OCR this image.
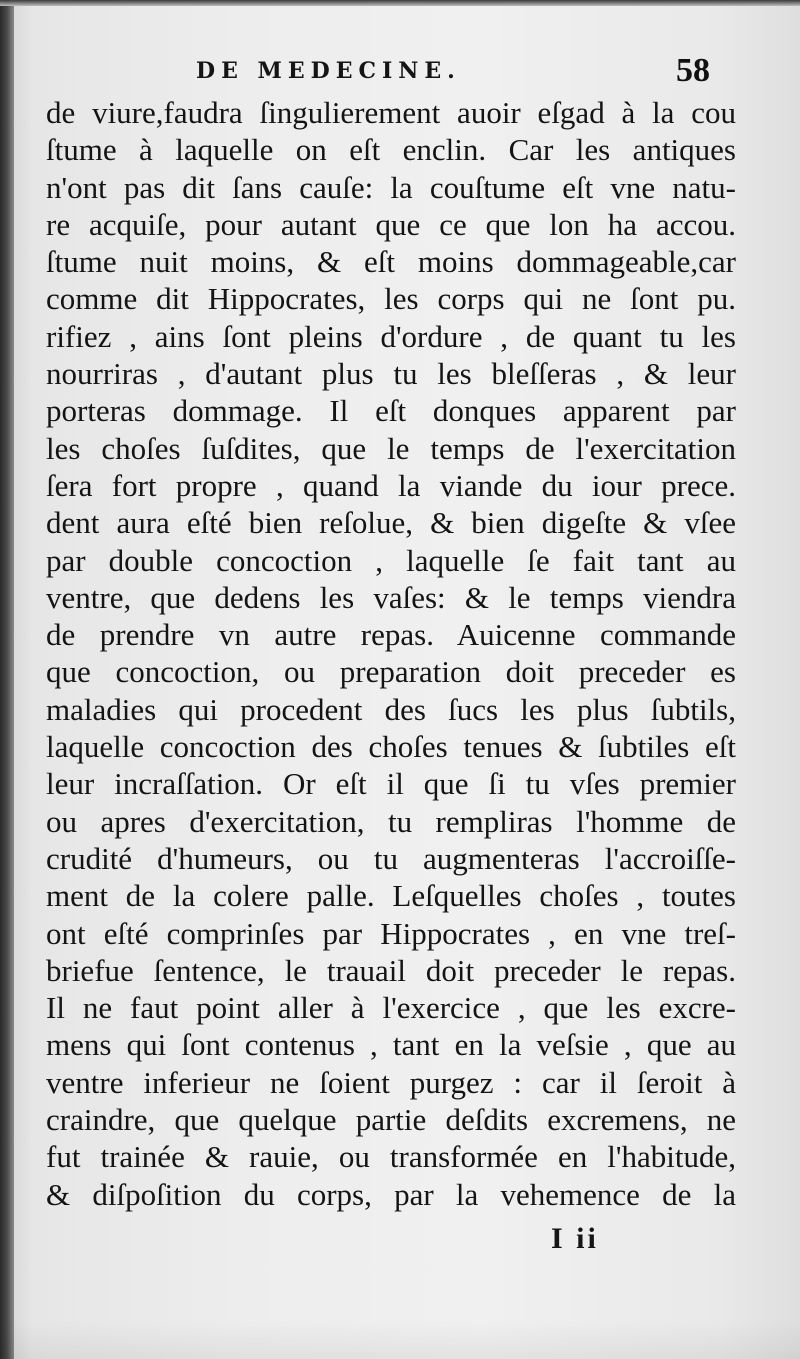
DE MEDECINE.	58
de viure,faudra ſingulierement auoir eſgad à la cou
ſtume à laquelle on eſt enclin. Car les antiques
n'ont pas dit ſans cauſe: la couſtume eſt vne natu-
re acquiſe, pour autant que ce que lon ha accou.
ſtume nuit moins, & eſt moins dommageable,car
comme dit Hippocrates, les corps qui ne ſont pu.
rifiez , ains ſont pleins d'ordure , de quant tu les
nourriras , d'autant plus tu les bleſſeras , & leur
porteras dommage. Il eſt donques apparent par
les choſes ſuſdites, que le temps de l'exercitation
ſera fort propre , quand la viande du iour prece.
dent aura eſté bien reſolue, & bien digeſte & vſee
par double concoction , laquelle ſe fait tant au
ventre, que dedens les vaſes: & le temps viendra
de prendre vn autre repas. Auicenne commande
que concoction, ou preparation doit preceder es
maladies qui procedent des ſucs les plus ſubtils,
laquelle concoction des choſes tenues & ſubtiles eſt
leur incraſſation. Or eſt il que ſi tu vſes premier
ou apres d'exercitation, tu rempliras l'homme de
crudité d'humeurs, ou tu augmenteras l'accroiſſe-
ment de la colere palle. Leſquelles choſes , toutes
ont eſté comprinſes par Hippocrates , en vne treſ-
briefue ſentence, le trauail doit preceder le repas.
Il ne faut point aller à l'exercice , que les excre-
mens qui ſont contenus , tant en la veſsie , que au
ventre inferieur ne ſoient purgez : car il ſeroit à
craindre, que quelque partie deſdits excremens, ne
fut trainée & rauie, ou transformée en l'habitude,
& diſpoſition du corps, par la vehemence de la
I ii
